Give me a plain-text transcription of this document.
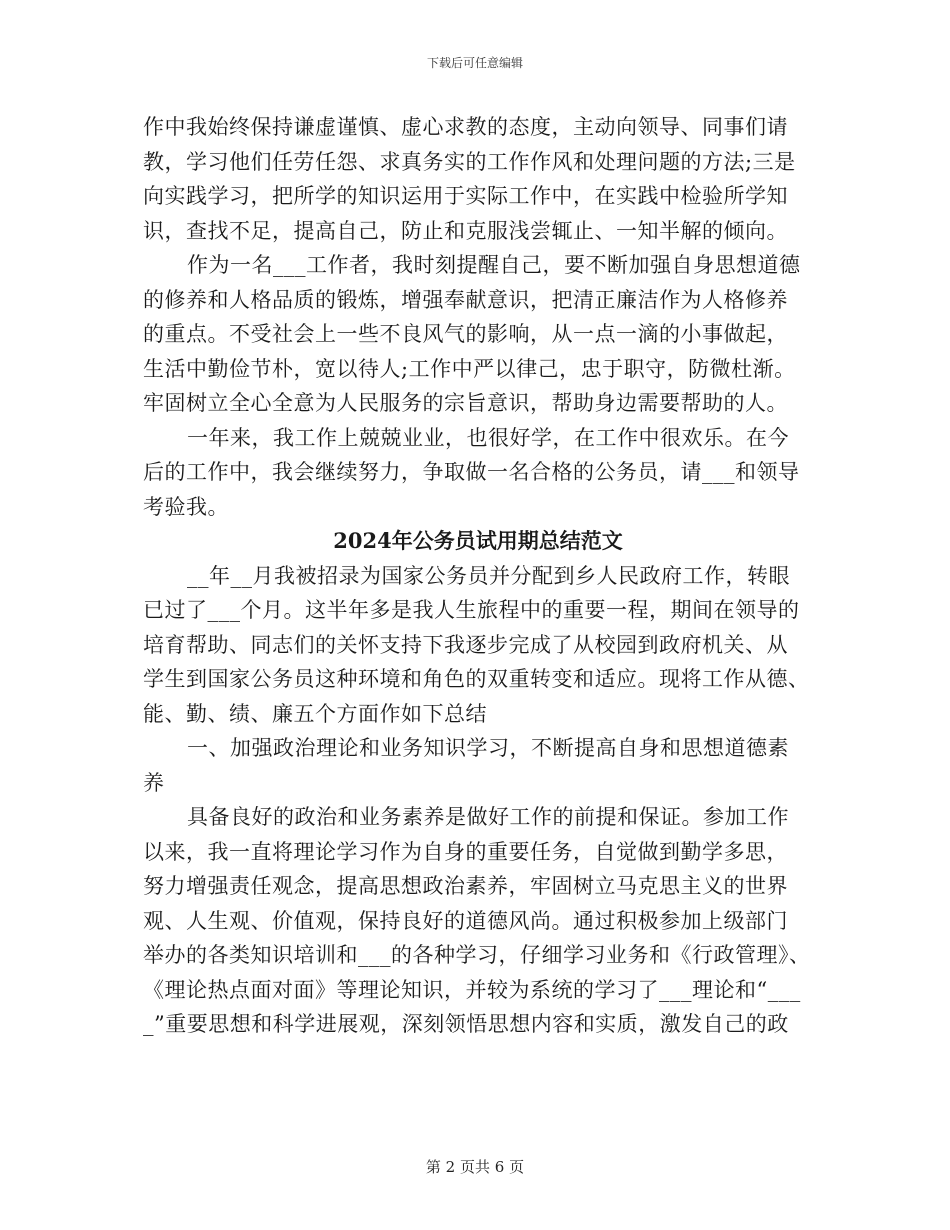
下载后可任意编辑
作中我始终保持谦虚谨慎、虚心求教的态度，主动向领导、同事们请
教，学习他们任劳任怨、求真务实的工作作风和处理问题的方法;三是
向实践学习，把所学的知识运用于实际工作中，在实践中检验所学知
识，查找不足，提高自己，防止和克服浅尝辄止、一知半解的倾向。
作为一名___工作者，我时刻提醒自己，要不断加强自身思想道德
的修养和人格品质的锻炼，增强奉献意识，把清正廉洁作为人格修养
的重点。不受社会上一些不良风气的影响，从一点一滴的小事做起，
生活中勤俭节朴，宽以待人;工作中严以律己，忠于职守，防微杜渐。
牢固树立全心全意为人民服务的宗旨意识，帮助身边需要帮助的人。
一年来，我工作上兢兢业业，也很好学，在工作中很欢乐。在今
后的工作中，我会继续努力，争取做一名合格的公务员，请___和领导
考验我。
2024年公务员试用期总结范文
__年__月我被招录为国家公务员并分配到乡人民政府工作，转眼
已过了___个月。这半年多是我人生旅程中的重要一程，期间在领导的
培育帮助、同志们的关怀支持下我逐步完成了从校园到政府机关、从
学生到国家公务员这种环境和角色的双重转变和适应。现将工作从德、
能、勤、绩、廉五个方面作如下总结
一、加强政治理论和业务知识学习，不断提高自身和思想道德素
养
具备良好的政治和业务素养是做好工作的前提和保证。参加工作
以来，我一直将理论学习作为自身的重要任务，自觉做到勤学多思，
努力增强责任观念，提高思想政治素养，牢固树立马克思主义的世界
观、人生观、价值观，保持良好的道德风尚。通过积极参加上级部门
举办的各类知识培训和___的各种学习，仔细学习业务和《行政管理》、
《理论热点面对面》等理论知识，并较为系统的学习了___理论和“___
_”重要思想和科学进展观，深刻领悟思想内容和实质，激发自己的政
第 2 页共 6 页
